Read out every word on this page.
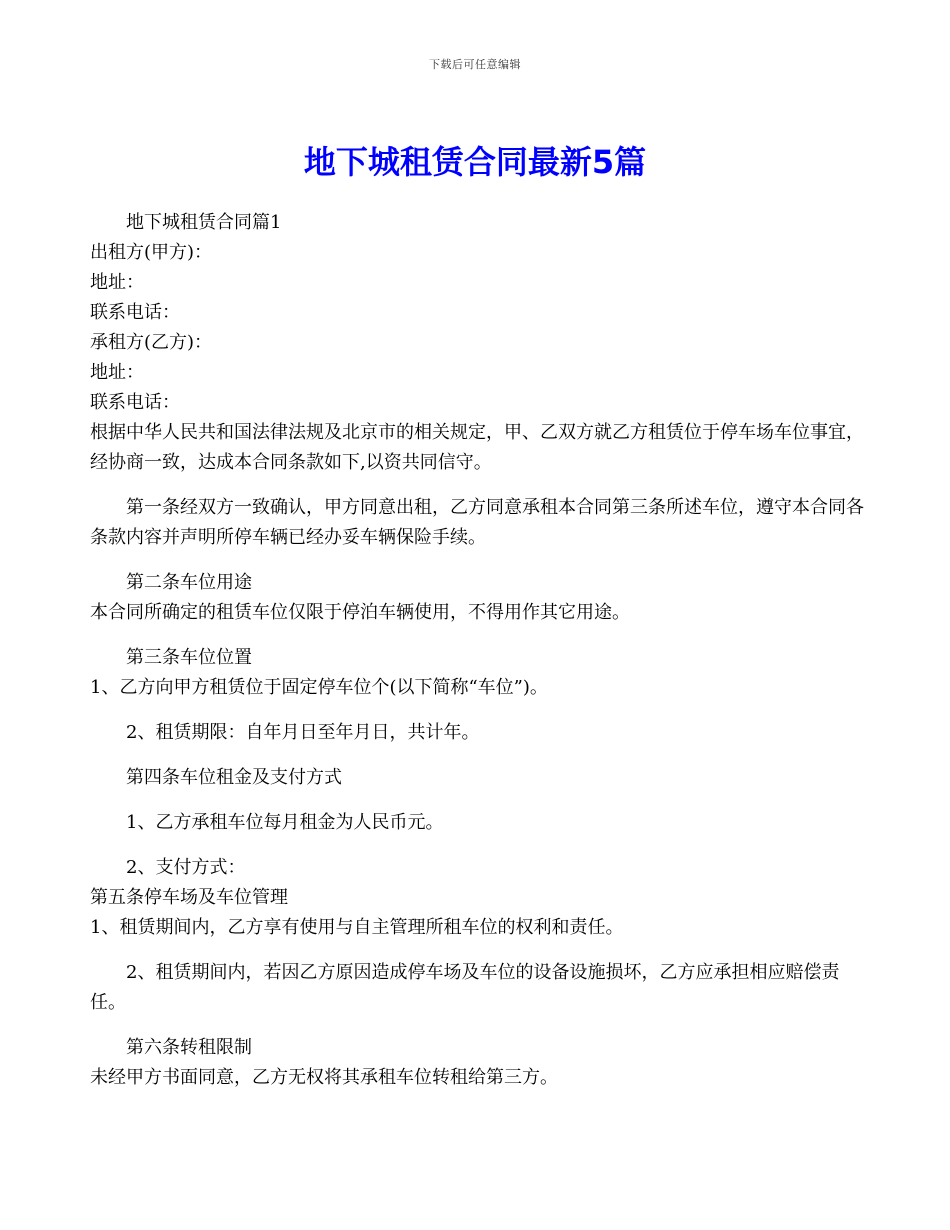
下载后可任意编辑
地下城租赁合同最新5篇

地下城租赁合同篇1

出租方(甲方)：

地址：

联系电话：

承租方(乙方)：

地址：

联系电话：

根据中华人民共和国法律法规及北京市的相关规定，甲、乙双方就乙方租赁位于停车场车位事宜，经协商一致，达成本合同条款如下,以资共同信守。

第一条经双方一致确认，甲方同意出租，乙方同意承租本合同第三条所述车位，遵守本合同各条款内容并声明所停车辆已经办妥车辆保险手续。

第二条车位用途

本合同所确定的租赁车位仅限于停泊车辆使用，不得用作其它用途。

第三条车位位置

1、乙方向甲方租赁位于固定停车位个(以下简称“车位”)。

2、租赁期限：自年月日至年月日，共计年。

第四条车位租金及支付方式

1、乙方承租车位每月租金为人民币元。

2、支付方式：

第五条停车场及车位管理

1、租赁期间内，乙方享有使用与自主管理所租车位的权利和责任。

2、租赁期间内，若因乙方原因造成停车场及车位的设备设施损坏，乙方应承担相应赔偿责任。

第六条转租限制

未经甲方书面同意，乙方无权将其承租车位转租给第三方。
